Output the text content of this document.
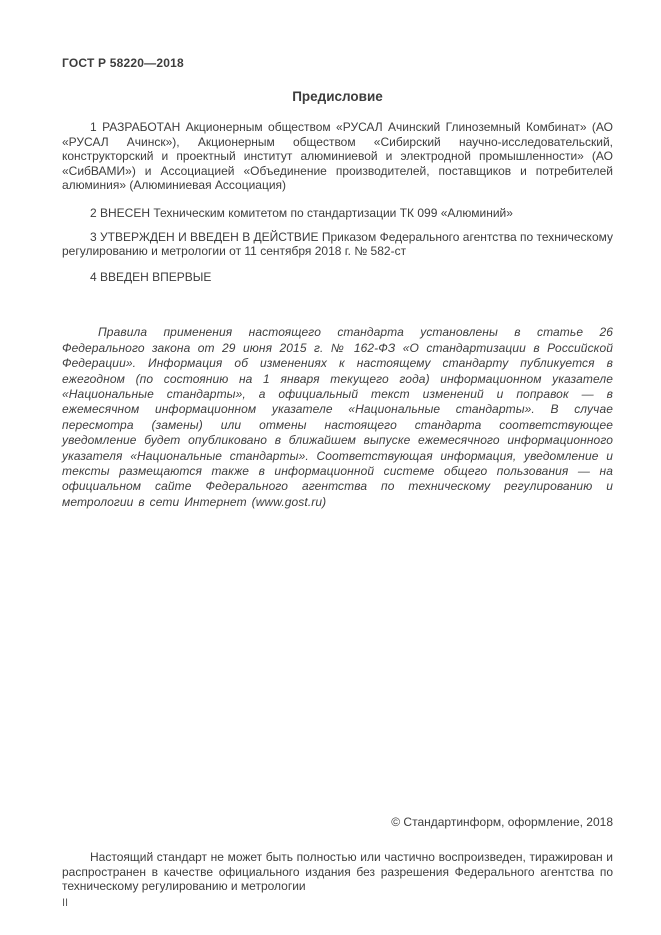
ГОСТ Р 58220—2018
Предисловие

1 РАЗРАБОТАН Акционерным обществом «РУСАЛ Ачинский Глиноземный Комбинат» (АО «РУСАЛ Ачинск»), Акционерным обществом «Сибирский научно-исследовательский, конструкторский и проектный институт алюминиевой и электродной промышленности» (АО «СибВАМИ») и Ассоциацией «Объединение производителей, поставщиков и потребителей алюминия» (Алюминиевая Ассоциация)

2 ВНЕСЕН Техническим комитетом по стандартизации ТК 099 «Алюминий»

3 УТВЕРЖДЕН И ВВЕДЕН В ДЕЙСТВИЕ Приказом Федерального агентства по техническому регулированию и метрологии от 11 сентября 2018 г. № 582-ст

4 ВВЕДЕН ВПЕРВЫЕ

Правила применения настоящего стандарта установлены в статье 26 Федерального закона от 29 июня 2015 г. № 162-ФЗ «О стандартизации в Российской Федерации». Информация об изменениях к настоящему стандарту публикуется в ежегодном (по состоянию на 1 января текущего года) информационном указателе «Национальные стандарты», а официальный текст изменений и поправок — в ежемесячном информационном указателе «Национальные стандарты». В случае пересмотра (замены) или отмены настоящего стандарта соответствующее уведомление будет опубликовано в ближайшем выпуске ежемесячного информационного указателя «Национальные стандарты». Соответствующая информация, уведомление и тексты размещаются также в информационной системе общего пользования — на официальном сайте Федерального агентства по техническому регулированию и метрологии в сети Интернет (www.gost.ru)

© Стандартинформ, оформление, 2018

Настоящий стандарт не может быть полностью или частично воспроизведен, тиражирован и распространен в качестве официального издания без разрешения Федерального агентства по техническому регулированию и метрологии

II
